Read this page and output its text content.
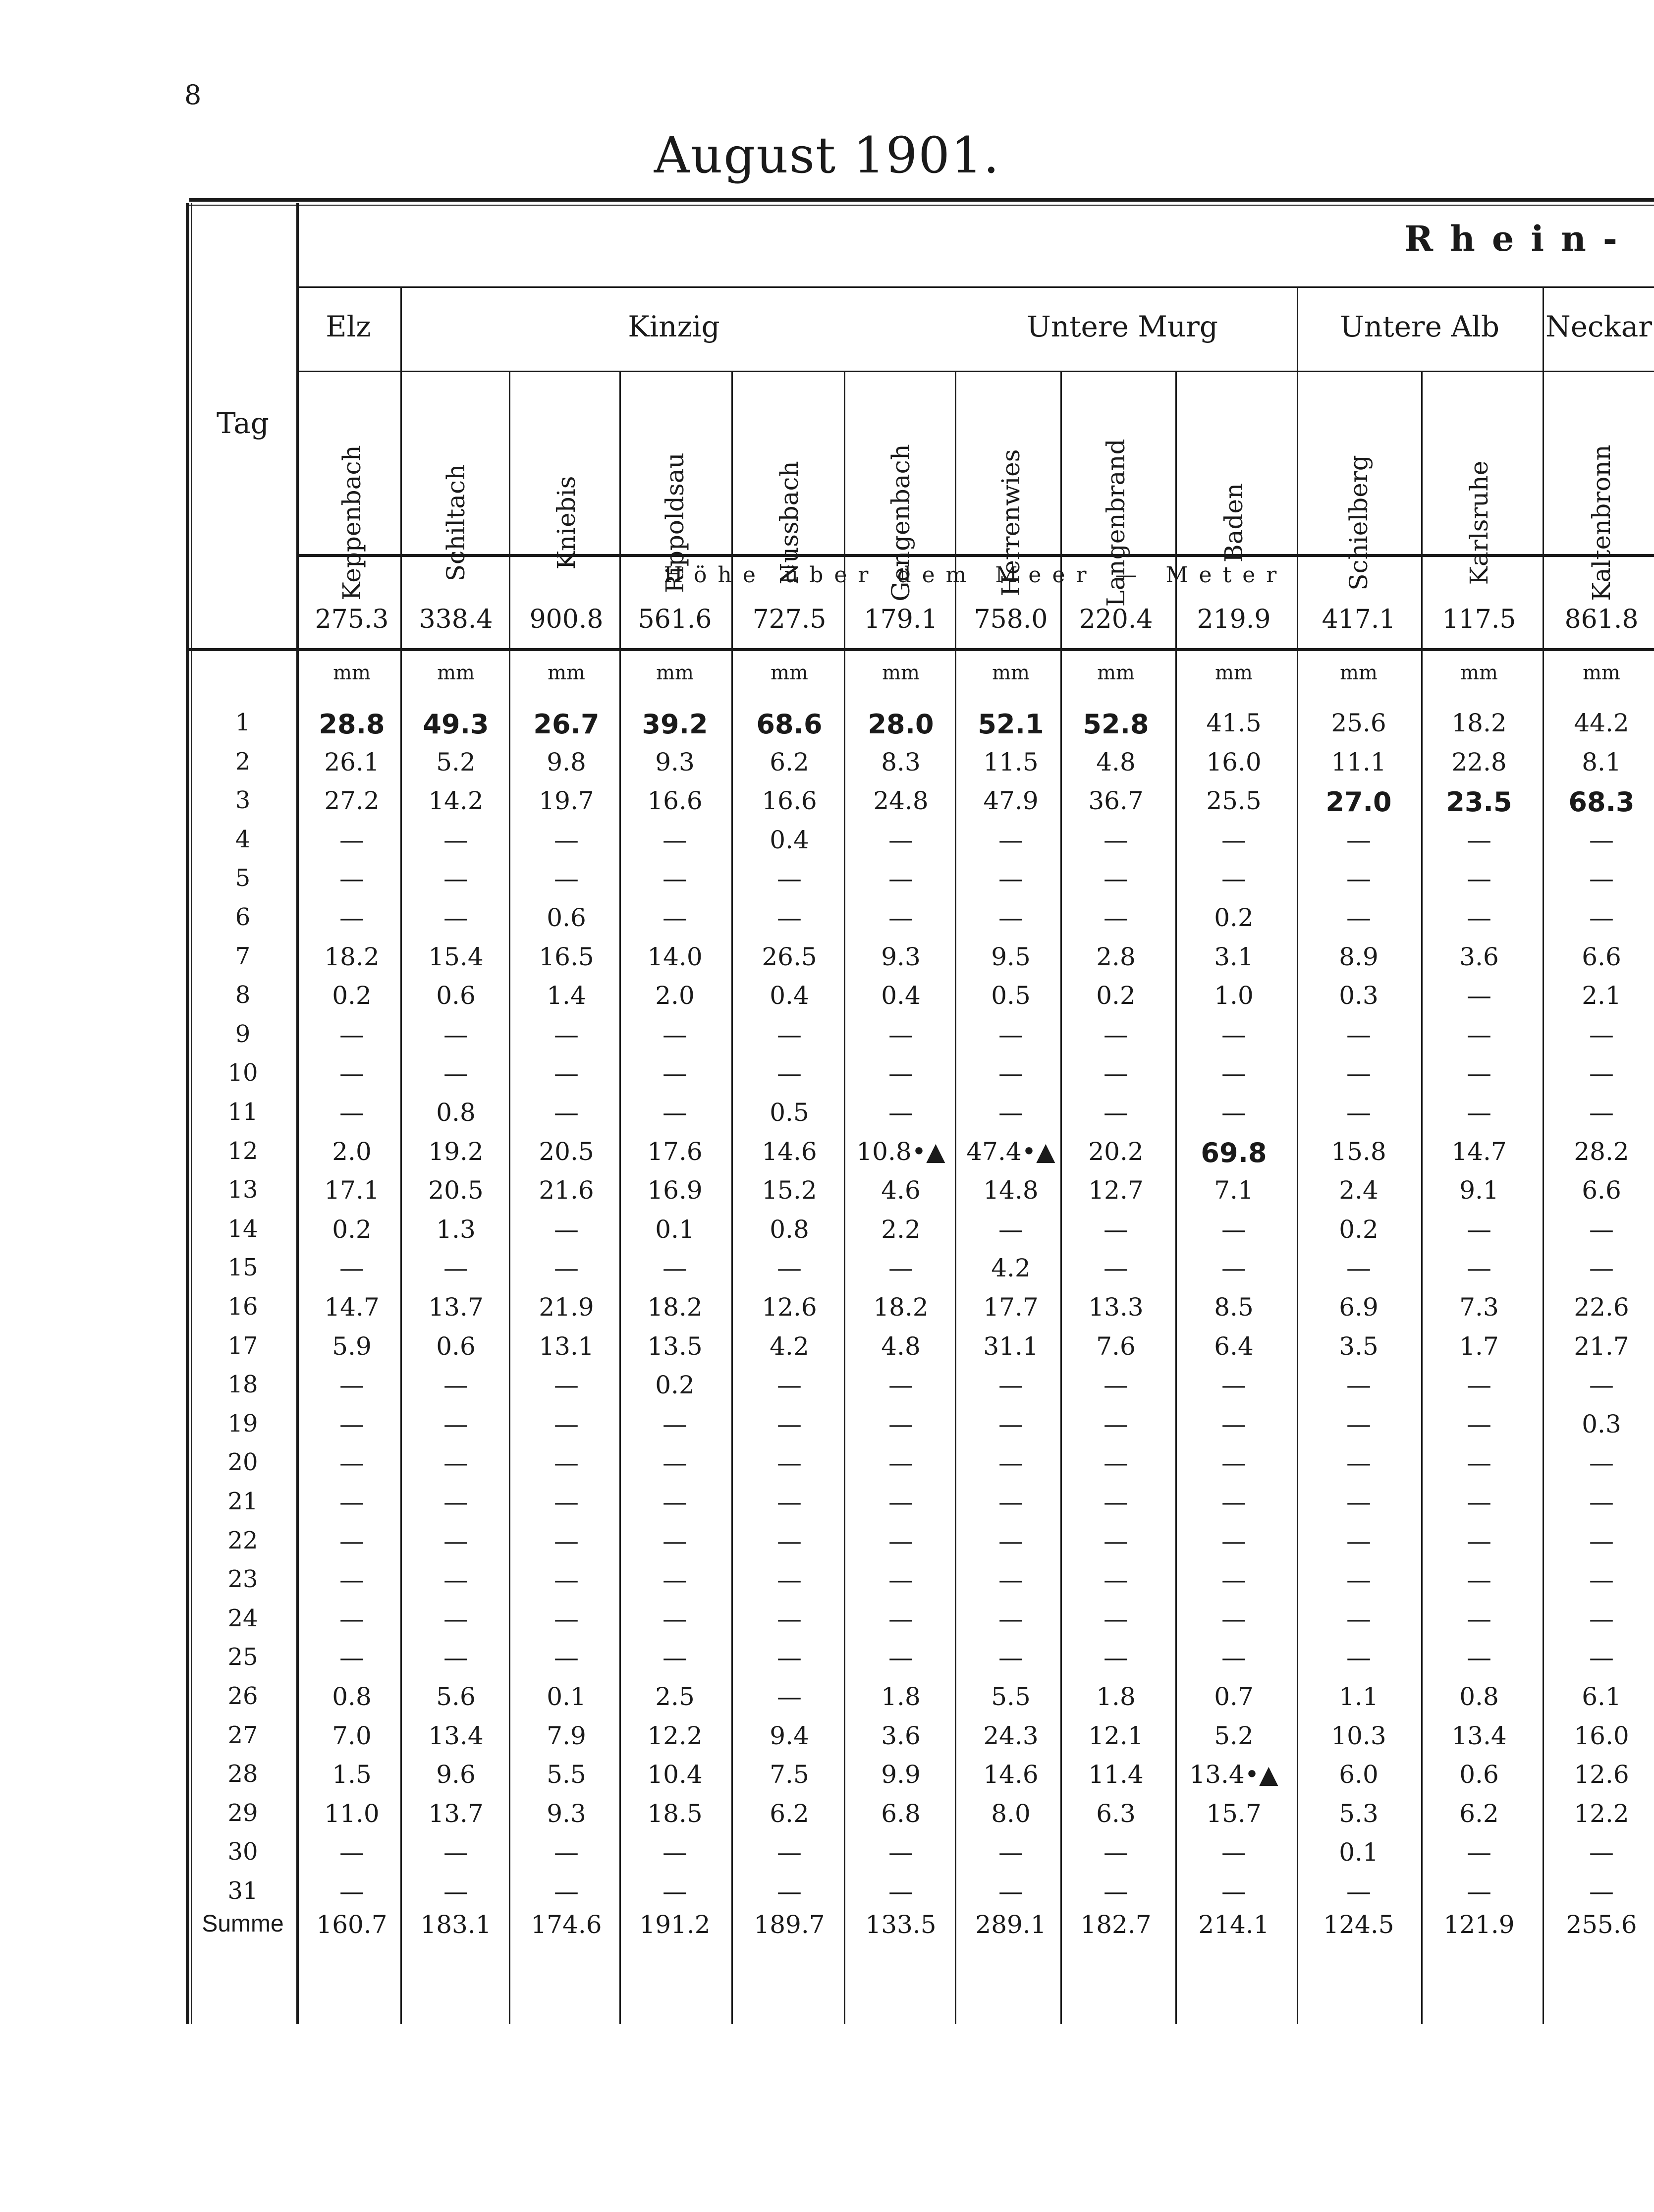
8
August 1901.
Rhein-
Elz	Kinzig	Untere Murg	Untere Alb	Neckar
Tag
Keppenbach	Schiltach	Kniebis	Rippoldsau	Nussbach	Gengenbach	Herrenwies	Langenbrand	Baden	Schielberg	Karlsruhe	Kaltenbronn
Höhe über dem Meer — Meter
275.3 338.4 900.8 561.6 727.5 179.1 758.0 220.4 219.9 417.1 117.5 861.8
mm	mm	mm	mm	mm	mm	mm	mm	mm	mm	mm	mm
1	28.8 49.3 26.7 39.2 68.6 28.0 52.1 52.8 41.5	25.6	18.2	44.2
2	26.1 5.2	9.8	9.3	6.2	8.3	11.5 4.8	16.0	11.1	22.8	8.1
3	27.2 14.2 19.7 16.6 16.6 24.8 47.9 36.7	25.5 27.0 23.5 68.3
4	—	—	—	—	0.4	—	—	—	—	—	—	—
5	—	—	—	—	—	—	—	—	—	—	—	—
6	—	—	0.6	—	—	—	—	—	0.2	—	—	—
7	18.2 15.4 16.5 14.0 26.5	9.3	9.5	2.8	3.1	8.9	3.6	6.6
8	0.2	0.6	1.4	2.0	0.4	0.4	0.5	0.2	1.0	0.3	—	2.1
9	—	—	—	—	—	—	—	—	—	—	—	—
10	—	—	—	—	—	—	—	—	—	—	—	—
11	—	0.8	—	—	0.5	—	—	—	—	—	—	—
12	2.0 19.2 20.5 17.6 14.6 10.8•▲ 47.4•▲ 20.2 69.8	15.8	14.7	28.2
13	17.1 20.5 21.6 16.9 15.2	4.6	14.8 12.7	7.1	2.4	9.1	6.6
14	0.2	1.3	—	0.1	0.8	2.2	—	—	—	0.2	—	—
15	—	—	—	—	—	—	4.2	—	—	—	—	—
16	14.7 13.7 21.9 18.2 12.6 18.2 17.7 13.3	8.5	6.9	7.3	22.6
17	5.9	0.6	13.1 13.5	4.2	4.8	31.1 7.6	6.4	3.5	1.7	21.7
18	—	—	—	0.2	—	—	—	—	—	—	—	—
19	—	—	—	—	—	—	—	—	—	—	—	0.3
20	—	—	—	—	—	—	—	—	—	—	—	—
21	—	—	—	—	—	—	—	—	—	—	—	—
22	—	—	—	—	—	—	—	—	—	—	—	—
23	—	—	—	—	—	—	—	—	—	—	—	—
24	—	—	—	—	—	—	—	—	—	—	—	—
25	—	—	—	—	—	—	—	—	—	—	—	—
26	0.8	5.6	0.1	2.5	—	1.8	5.5	1.8	0.7	1.1	0.8	6.1
27	7.0 13.4	7.9 12.2	9.4	3.6	24.3 12.1	5.2	10.3	13.4	16.0
28	1.5	9.6	5.5 10.4	7.5	9.9	14.6 11.4 13.4•▲ 6.0	0.6	12.6
29	11.0 13.7	9.3 18.5	6.2	6.8	8.0	6.3	15.7	5.3	6.2	12.2
30	—	—	—	—	—	—	—	—	—	0.1	—	—
31	—	—	—	—	—	—	—	—	—	—	—	—
Summe	160.7 183.1 174.6 191.2 189.7 133.5 289.1 182.7 214.1 124.5 121.9 255.6
